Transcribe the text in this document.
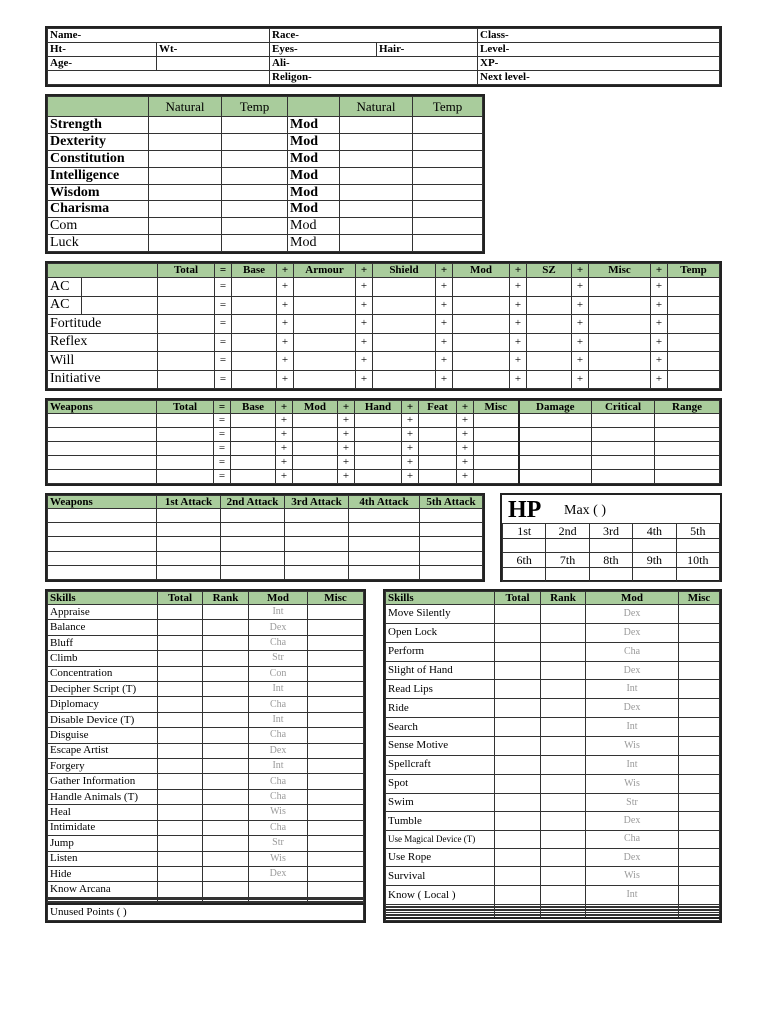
Name-		Race-		Class-
Ht-	Wt-	Eyes-	Hair-	Level-
Age-		Ali-		XP-
		Religon-		Next level-
	Natural	Temp		Natural	Temp
Strength			Mod		
Dexterity			Mod		
Constitution			Mod		
Intelligence			Mod		
Wisdom			Mod		
Charisma			Mod		
Com			Mod		
Luck			Mod		
		Total	=	Base	+	Armour	+	Shield	+	Mod	+	SZ	+	Misc	+	Temp
AC			=		+		+		+		+		+		+	
AC			=		+		+		+		+		+		+	
Fortitude			=		+		+		+		+		+		+	
Reflex			=		+		+		+		+		+		+	
Will			=		+		+		+		+		+		+	
Initiative			=		+		+		+		+		+		+	
Weapons	Total	=	Base	+	Mod	+	Hand	+	Feat	+	Misc	Damage	Critical	Range
		=		+		+		+		+				
		=		+		+		+		+				
		=		+		+		+		+				
		=		+		+		+		+				
		=		+		+		+		+				
Weapons	1st Attack	2nd Attack	3rd Attack	4th Attack	5th Attack

					HP Max ( )
1st	2nd	3rd	4th	5th

6th	7th	8th	9th	10th

Skills	Total	Rank	Mod	Misc
Appraise			Int	
Balance			Dex	
Bluff			Cha	
Climb			Str	
Concentration			Con	
Decipher Script (T)			Int	
Diplomacy			Cha	
Disable Device (T)			Int	
Disguise			Cha	
Escape Artist			Dex	
Forgery			Int	
Gather Information			Cha	
Handle Animals (T)			Cha	
Heal			Wis	
Intimidate			Cha	
Jump			Str	
Listen			Wis	
Hide			Dex	
Know Arcana				

Unused Points ( )				
Skills	Total	Rank	Mod	Misc
Move Silently			Dex	
Open Lock			Dex	
Perform			Cha	
Slight of Hand			Dex	
Read Lips			Int	
Ride			Dex	
Search			Int	
Sense Motive			Wis	
Spellcraft			Int	
Spot			Wis	
Swim			Str	
Tumble			Dex	
Use Magical Device (T)			Cha	
Use Rope			Dex	
Survival			Wis	
Know ( Local )			Int	
